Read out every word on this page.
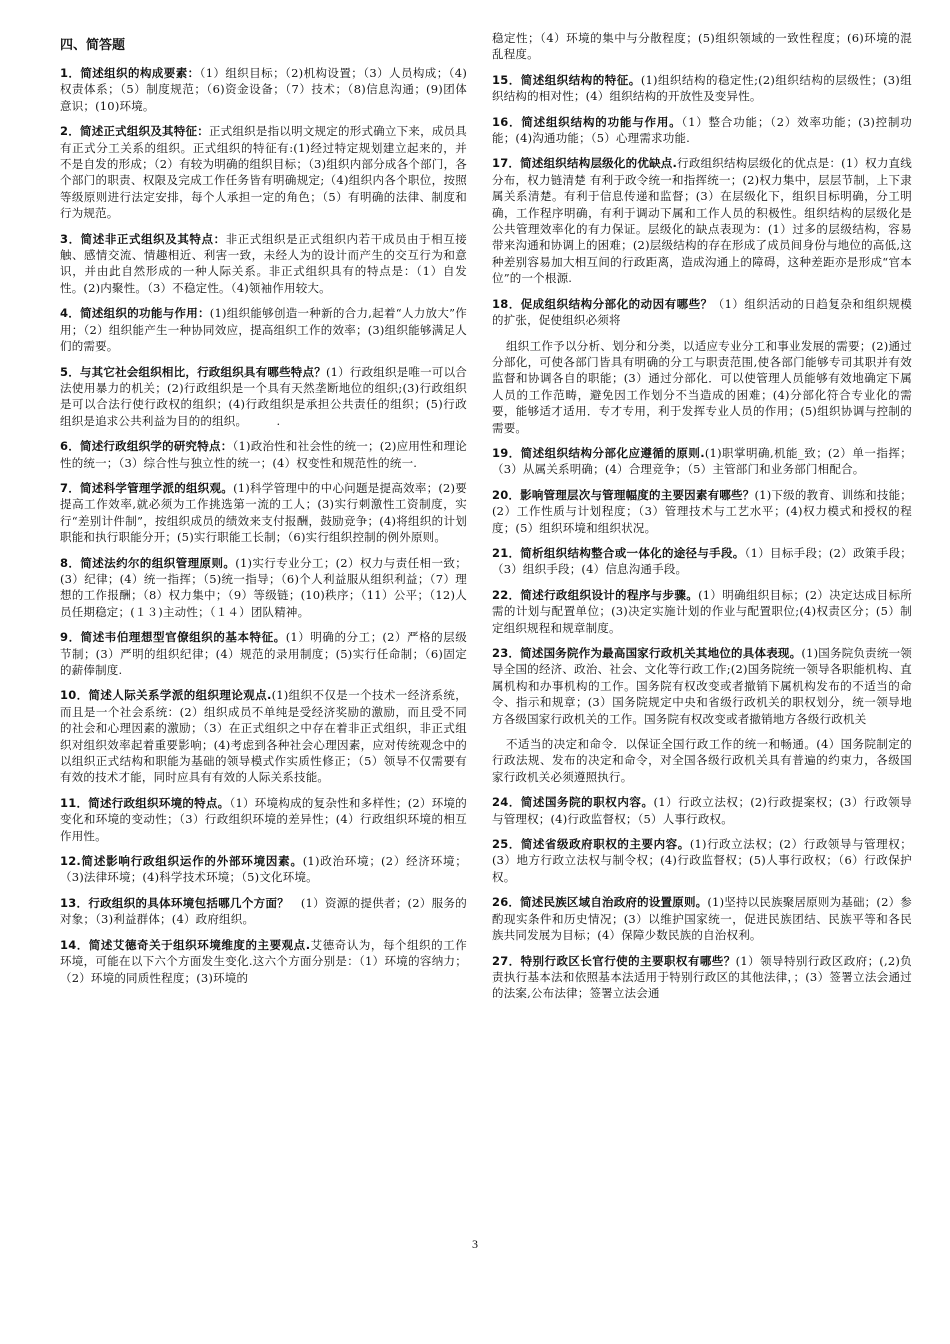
四、简答题

1．简述组织的构成要素：（1）组织目标；（2)机构设置；（3）人员构成；（4)权责体系；（5）制度规范；（6)资金设备；（7）技术；（8)信息沟通；(9)团体意识；(10)环境。

2．简述正式组织及其特征：正式组织是指以明文规定的形式确立下来，成员具有正式分工关系的组织。正式组织的特征有:(1)经过特定规划建立起来的，并不是自发的形成；（2）有较为明确的组织目标；（3)组织内部分成各个部门，各个部门的职责、权限及完成工作任务皆有明确规定;（4)组织内各个职位，按照等级原则进行法定安排，每个人承担一定的角色；（5）有明确的法律、制度和行为规范。

3．简述非正式组织及其特点：非正式组织是正式组织内若干成员由于相互接触、感情交流、情趣相近、利害一致，未经人为的设计而产生的交互行为和意识，并由此自然形成的一种人际关系。非正式组织具有的特点是：（1）自发性。(2)内聚性。（3）不稳定性。（4)领袖作用较大。

4．简述组织的功能与作用：(1)组织能够创造一种新的合力,起着“人力放大”作用；（2）组织能产生一种协同效应，提高组织工作的效率；(3)组织能够满足人们的需要。

5．与其它社会组织相比，行政组织具有哪些特点？(1）行政组织是唯一可以合法使用暴力的机关；(2)行政组织是一个具有天然垄断地位的组织;(3)行政组织是可以合法行使行政权的组织；(4)行政组织是承担公共责任的组织；(5)行政组织是追求公共利益为目的的组织。　　　.

6．简述行政组织学的研究特点：（1)政治性和社会性的统一；(2)应用性和理论性的统一；（3）综合性与独立性的统一；(4）权变性和规范性的统一.

7．简述科学管理学派的组织观。(1)科学管理中的中心问题是提高效率；(2)要提高工作效率,就必须为工作挑选第一流的工人；(3)实行刺激性工资制度，实行“差别计件制”，按组织成员的绩效来支付报酬，鼓励竞争；(4)将组织的计划职能和执行职能分开；(5)实行职能工长制；（6)实行组织控制的例外原则。

8．简述法约尔的组织管理原则。(1)实行专业分工；(2）权力与责任相一致；(3）纪律；(4）统一指挥；（5)统一指导；（6)个人利益服从组织利益；（7）理想的工作报酬；（8）权力集中；（9）等级链；(10)秩序；（11）公平；（12)人员任期稳定；(１３)主动性；（１４）团队精神。

9．简述韦伯理想型官僚组织的基本特征。(1）明确的分工；(2）严格的层级节制；(3）严明的组织纪律；(4）规范的录用制度；(5)实行任命制；（6)固定的薪俸制度.

10．简述人际关系学派的组织理论观点.(1)组织不仅是一个技术一经济系统，而且是一个社会系统：(2）组织成员不单纯是受经济奖励的激励，而且受不同的社会和心理因素的激励；（3）在正式组织之中存在着非正式组织，非正式组织对组织效率起着重要影响；(4)考虑到各种社会心理因素，应对传统观念中的以组织正式结构和职能为基础的领导模式作实质性修正；（5）领导不仅需要有有效的技术才能，同时应具有有效的人际关系技能。

11．简述行政组织环境的特点。（1）环境构成的复杂性和多样性；(2）环境的变化和环境的变动性；（3）行政组织环境的差异性；(4）行政组织环境的相互作用性。

12.简述影响行政组织运作的外部环境因素。(1)政治环境；(2）经济环境；（3)法律环境；(4)科学技术环境；（5)文化环境。

13．行政组织的具体环境包括哪几个方面？　(1）资源的提供者；(2）服务的对象；（3)利益群体；(4）政府组织。

14．简述艾德奇关于组织环境维度的主要观点.艾德奇认为，每个组织的工作环境，可能在以下六个方面发生变化.这六个方面分别是：（1）环境的容纳力；（2）环境的同质性程度；(3)环境的

稳定性；（4）环境的集中与分散程度；(5)组织领域的一致性程度；(6)环境的混乱程度。

15．简述组织结构的特征。(1)组织结构的稳定性;(2)组织结构的层级性；(3)组织结构的相对性；(4）组织结构的开放性及变异性。

16．简述组织结构的功能与作用。（1）整合功能；（2）效率功能；(3)控制功能；(4)沟通功能；（5）心理需求功能.

17．简述组织结构层级化的优缺点.行政组织结构层级化的优点是：(1）权力直线分布，权力链清楚 有利于政令统一和指挥统一；(2)权力集中，层层节制，上下隶属关系清楚。有利于信息传递和监督；(3）在层级化下，组织目标明确，分工明确，工作程序明确，有利于调动下属和工作人员的积极性。组织结构的层级化是公共管理效率化的有力保证。层级化的缺点表现为：(1）过多的层级结构，容易带来沟通和协调上的困难；(2)层级结构的存在形成了成员间身份与地位的高低,这种差别容易加大相互间的行政距离，造成沟通上的障碍，这种差距亦是形成“官本位”的一个根源.

18．促成组织结构分部化的动因有哪些？（1）组织活动的日趋复杂和组织规模的扩张，促使组织必须将

组织工作予以分析、划分和分类，以适应专业分工和事业发展的需要；(2)通过分部化，可使各部门皆具有明确的分工与职责范围,使各部门能够专司其职并有效监督和协调各自的职能；(3）通过分部化．可以使管理人员能够有效地确定下属人员的工作范畴，避免因工作划分不当造成的困难；(4)分部化符合专业化的需要，能够适才适用．专才专用，利于发挥专业人员的作用；(5)组织协调与控制的需要。

19．简述组织结构分部化应遵循的原则.(1)职掌明确,机能_致；(2）单一指挥；（3）从属关系明确；(4）合理竞争；（5）主管部门和业务部门相配合。

20．影响管理层次与管理幅度的主要因素有哪些？(1)下级的教育、训练和技能；(2）工作性质与计划程度；（3）管理技术与工艺水平；(4)权力模式和授权的程度；(5）组织环境和组织状况。

21．简析组织结构整合或一体化的途径与手段。（1）目标手段；(2）政策手段；（3）组织手段；(4）信息沟通手段。

22．简述行政组织设计的程序与步骤。(1）明确组织目标；(2）决定达成目标所需的计划与配置单位；(3)决定实施计划的作业与配置职位;(4)权责区分；(5）制定组织规程和规章制度。

23．简述国务院作为最高国家行政机关其地位的具体表现。(1)国务院负责统一领导全国的经济、政治、社会、文化等行政工作;(2)国务院统一领导各职能机构、直属机构和办事机构的工作。国务院有权改变或者撤销下属机构发布的不适当的命令、指示和规章；(3）国务院规定中央和省级行政机关的职权划分，统一领导地方各级国家行政机关的工作。国务院有权改变或者撤销地方各级行政机关

不适当的决定和命令．以保证全国行政工作的统一和畅通。(4）国务院制定的行政法规、发布的决定和命令，对全国各级行政机关具有普遍的约束力，各级国家行政机关必须遵照执行。

24．简述国务院的职权内容。(1）行政立法权；(2)行政提案权；(3）行政领导与管理权；(4)行政监督权；（5）人事行政权。

25．简述省级政府职权的主要内容。(1)行政立法权；(2）行政领导与管理权；(3）地方行政立法权与制令权；(4)行政监督权；(5)人事行政权；（6）行政保护权。

26．简述民族区域自治政府的设置原则。(1)坚持以民族聚居原则为基础；(2）参酌现实条件和历史情况；(3）以维护国家统一，促进民族团结、民族平等和各民族共同发展为目标；(4）保障少数民族的自治权利。

27．特别行政区长官行使的主要职权有哪些？(1）领导特别行政区政府；(,2)负责执行基本法和依照基本法适用于特别行政区的其他法律，；(3）签署立法会通过的法案,公布法律；签署立法会通

3
